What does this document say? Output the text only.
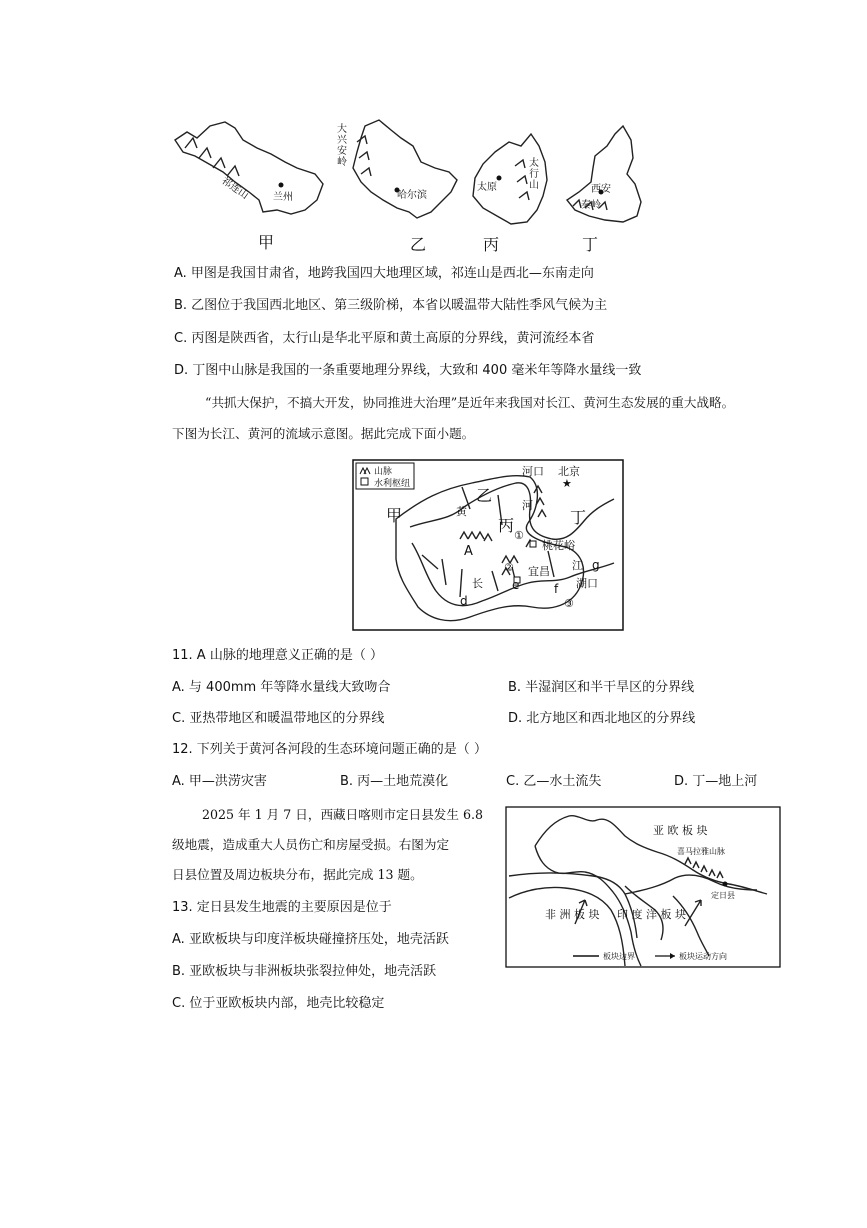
祁连山 兰州
大兴安岭
哈尔滨
太原
太行山	西安
秦岭
甲	乙	丙	丁
A. 甲图是我国甘肃省，地跨我国四大地理区域，祁连山是西北—东南走向
B. 乙图位于我国西北地区、第三级阶梯，本省以暖温带大陆性季风气候为主
C. 丙图是陕西省，太行山是华北平原和黄土高原的分界线，黄河流经本省
D. 丁图中山脉是我国的一条重要地理分界线，大致和 400 毫米年等降水量线一致
“共抓大保护，不搞大开发，协同推进大治理”是近年来我国对长江、黄河生态发展的重大战略。
下图为长江、黄河的流域示意图。据此完成下面小题。
山脉
水利枢纽
甲
乙
丙	丁
河口 北京
★
黄	河
桃花峪
A
宜昌 江
湖口
长
d
e	f
g
①
②
③
11. A 山脉的地理意义正确的是（ ）
A. 与 400mm 年等降水量线大致吻合	B. 半湿润区和半干旱区的分界线
C. 亚热带地区和暖温带地区的分界线	D. 北方地区和西北地区的分界线
12. 下列关于黄河各河段的生态环境问题正确的是（ ）
A. 甲—洪涝灾害	B. 丙—土地荒漠化	C. 乙—水土流失	D. 丁—地上河
2025 年 1 月 7 日，西藏日喀则市定日县发生 6.8
级地震，造成重大人员伤亡和房屋受损。右图为定
日县位置及周边板块分布，据此完成 13 题。
亚 欧 板 块
非 洲 板 块 印 度 洋 板 块
喜马拉雅山脉
定日县
板块边界	板块运动方向
13. 定日县发生地震的主要原因是位于
A. 亚欧板块与印度洋板块碰撞挤压处，地壳活跃
B. 亚欧板块与非洲板块张裂拉伸处，地壳活跃
C. 位于亚欧板块内部，地壳比较稳定
